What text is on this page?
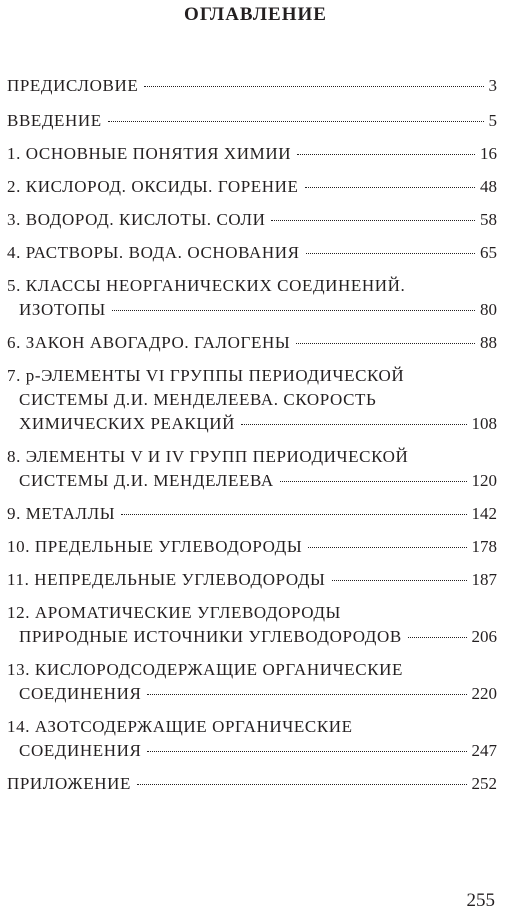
ОГЛАВЛЕНИЕ
ПРЕДИСЛОВИЕ	3
ВВЕДЕНИЕ	5
1. ОСНОВНЫЕ ПОНЯТИЯ ХИМИИ	16
2. КИСЛОРОД. ОКСИДЫ. ГОРЕНИЕ	48
3. ВОДОРОД. КИСЛОТЫ. СОЛИ	58
4. РАСТВОРЫ. ВОДА. ОСНОВАНИЯ	65
5. КЛАССЫ НЕОРГАНИЧЕСКИХ СОЕДИНЕНИЙ.
ИЗОТОПЫ	80
6. ЗАКОН АВОГАДРО. ГАЛОГЕНЫ	88
7. р-ЭЛЕМЕНТЫ VI ГРУППЫ ПЕРИОДИЧЕСКОЙ
СИСТЕМЫ Д.И. МЕНДЕЛЕЕВА. СКОРОСТЬ
ХИМИЧЕСКИХ РЕАКЦИЙ	108
8. ЭЛЕМЕНТЫ V И IV ГРУПП ПЕРИОДИЧЕСКОЙ
СИСТЕМЫ Д.И. МЕНДЕЛЕЕВА	120
9. МЕТАЛЛЫ	142
10. ПРЕДЕЛЬНЫЕ УГЛЕВОДОРОДЫ	178
11. НЕПРЕДЕЛЬНЫЕ УГЛЕВОДОРОДЫ	187
12. АРОМАТИЧЕСКИЕ УГЛЕВОДОРОДЫ
ПРИРОДНЫЕ ИСТОЧНИКИ УГЛЕВОДОРОДОВ	206
13. КИСЛОРОДСОДЕРЖАЩИЕ ОРГАНИЧЕСКИЕ
СОЕДИНЕНИЯ	220
14. АЗОТСОДЕРЖАЩИЕ ОРГАНИЧЕСКИЕ
СОЕДИНЕНИЯ	247
ПРИЛОЖЕНИЕ	252
255
